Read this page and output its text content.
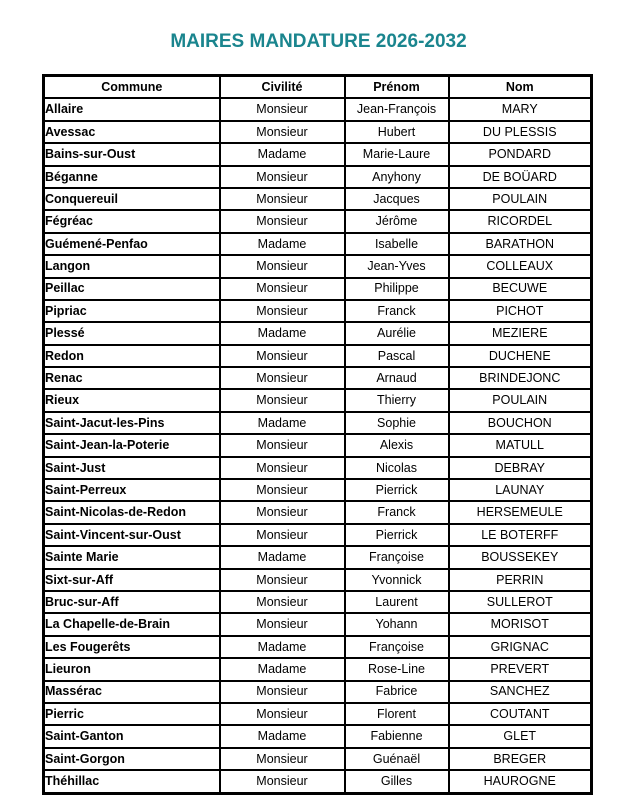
MAIRES MANDATURE 2026-2032
Commune	Civilité	Prénom	Nom
Allaire	Monsieur	Jean-François	MARY
Avessac	Monsieur	Hubert	DU PLESSIS
Bains-sur-Oust	Madame	Marie-Laure	PONDARD
Béganne	Monsieur	Anyhony	DE BOÜARD
Conquereuil	Monsieur	Jacques	POULAIN
Fégréac	Monsieur	Jérôme	RICORDEL
Guémené-Penfao	Madame	Isabelle	BARATHON
Langon	Monsieur	Jean-Yves	COLLEAUX
Peillac	Monsieur	Philippe	BECUWE
Pipriac	Monsieur	Franck	PICHOT
Plessé	Madame	Aurélie	MEZIERE
Redon	Monsieur	Pascal	DUCHENE
Renac	Monsieur	Arnaud	BRINDEJONC
Rieux	Monsieur	Thierry	POULAIN
Saint-Jacut-les-Pins	Madame	Sophie	BOUCHON
Saint-Jean-la-Poterie	Monsieur	Alexis	MATULL
Saint-Just	Monsieur	Nicolas	DEBRAY
Saint-Perreux	Monsieur	Pierrick	LAUNAY
Saint-Nicolas-de-Redon	Monsieur	Franck	HERSEMEULE
Saint-Vincent-sur-Oust	Monsieur	Pierrick	LE BOTERFF
Sainte Marie	Madame	Françoise	BOUSSEKEY
Sixt-sur-Aff	Monsieur	Yvonnick	PERRIN
Bruc-sur-Aff	Monsieur	Laurent	SULLEROT
La Chapelle-de-Brain	Monsieur	Yohann	MORISOT
Les Fougerêts	Madame	Françoise	GRIGNAC
Lieuron	Madame	Rose-Line	PREVERT
Massérac	Monsieur	Fabrice	SANCHEZ
Pierric	Monsieur	Florent	COUTANT
Saint-Ganton	Madame	Fabienne	GLET
Saint-Gorgon	Monsieur	Guénaël	BREGER
Théhillac	Monsieur	Gilles	HAUROGNE
